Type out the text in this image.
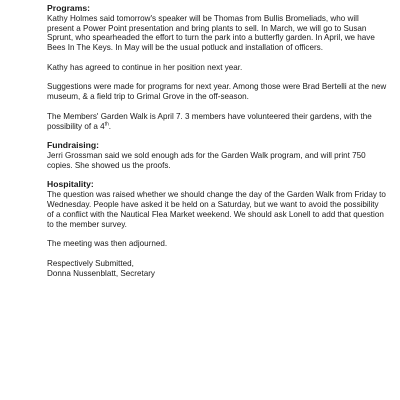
Programs:

Kathy Holmes said tomorrow's speaker will be Thomas from Bullis Bromeliads, who will present a Power Point presentation and bring plants to sell. In March, we will go to Susan Sprunt, who spearheaded the effort to turn the park into a butterfly garden. In April, we have Bees In The Keys. In May will be the usual potluck and installation of officers.

Kathy has agreed to continue in her position next year.

Suggestions were made for programs for next year. Among those were Brad Bertelli at the new museum, & a field trip to Grimal Grove in the off-season.

The Members' Garden Walk is April 7. 3 members have volunteered their gardens, with the possibility of a 4th.

Fundraising:

Jerri Grossman said we sold enough ads for the Garden Walk program, and will print 750 copies. She showed us the proofs.

Hospitality:

The question was raised whether we should change the day of the Garden Walk from Friday to Wednesday. People have asked it be held on a Saturday, but we want to avoid the possibility of a conflict with the Nautical Flea Market weekend. We should ask Lonell to add that question to the member survey.

The meeting was then adjourned.

Respectively Submitted,

Donna Nussenblatt, Secretary
